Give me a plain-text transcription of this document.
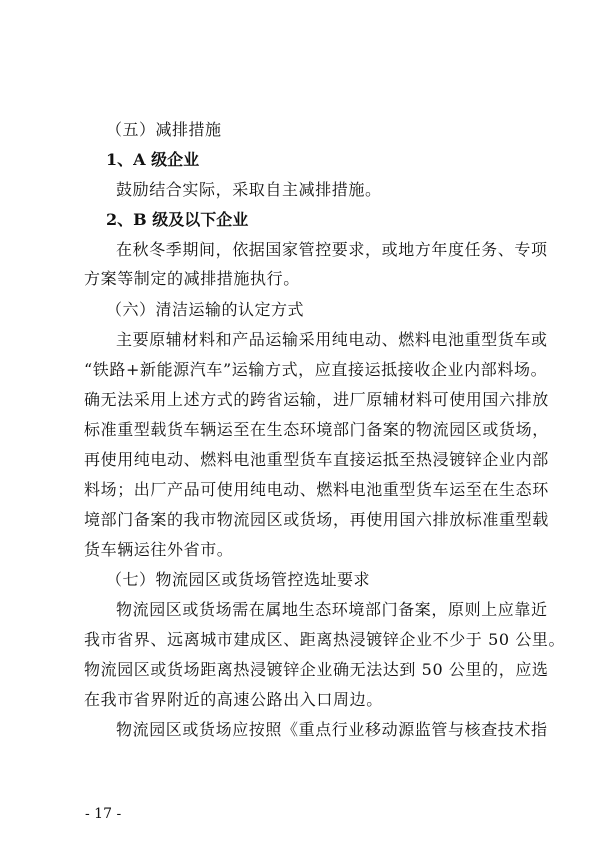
（五）减排措施

1、A 级企业

鼓励结合实际，采取自主减排措施。

2、B 级及以下企业

在秋冬季期间，依据国家管控要求，或地方年度任务、专项

方案等制定的减排措施执行。

（六）清洁运输的认定方式

主要原辅材料和产品运输采用纯电动、燃料电池重型货车或

“铁路+新能源汽车”运输方式，应直接运抵接收企业内部料场。

确无法采用上述方式的跨省运输，进厂原辅材料可使用国六排放

标准重型载货车辆运至在生态环境部门备案的物流园区或货场，

再使用纯电动、燃料电池重型货车直接运抵至热浸镀锌企业内部

料场；出厂产品可使用纯电动、燃料电池重型货车运至在生态环

境部门备案的我市物流园区或货场，再使用国六排放标准重型载

货车辆运往外省市。

（七）物流园区或货场管控选址要求

物流园区或货场需在属地生态环境部门备案，原则上应靠近

我市省界、远离城市建成区、距离热浸镀锌企业不少于 50 公里。

物流园区或货场距离热浸镀锌企业确无法达到 50 公里的，应选

在我市省界附近的高速公路出入口周边。

物流园区或货场应按照《重点行业移动源监管与核查技术指

- 17 -
